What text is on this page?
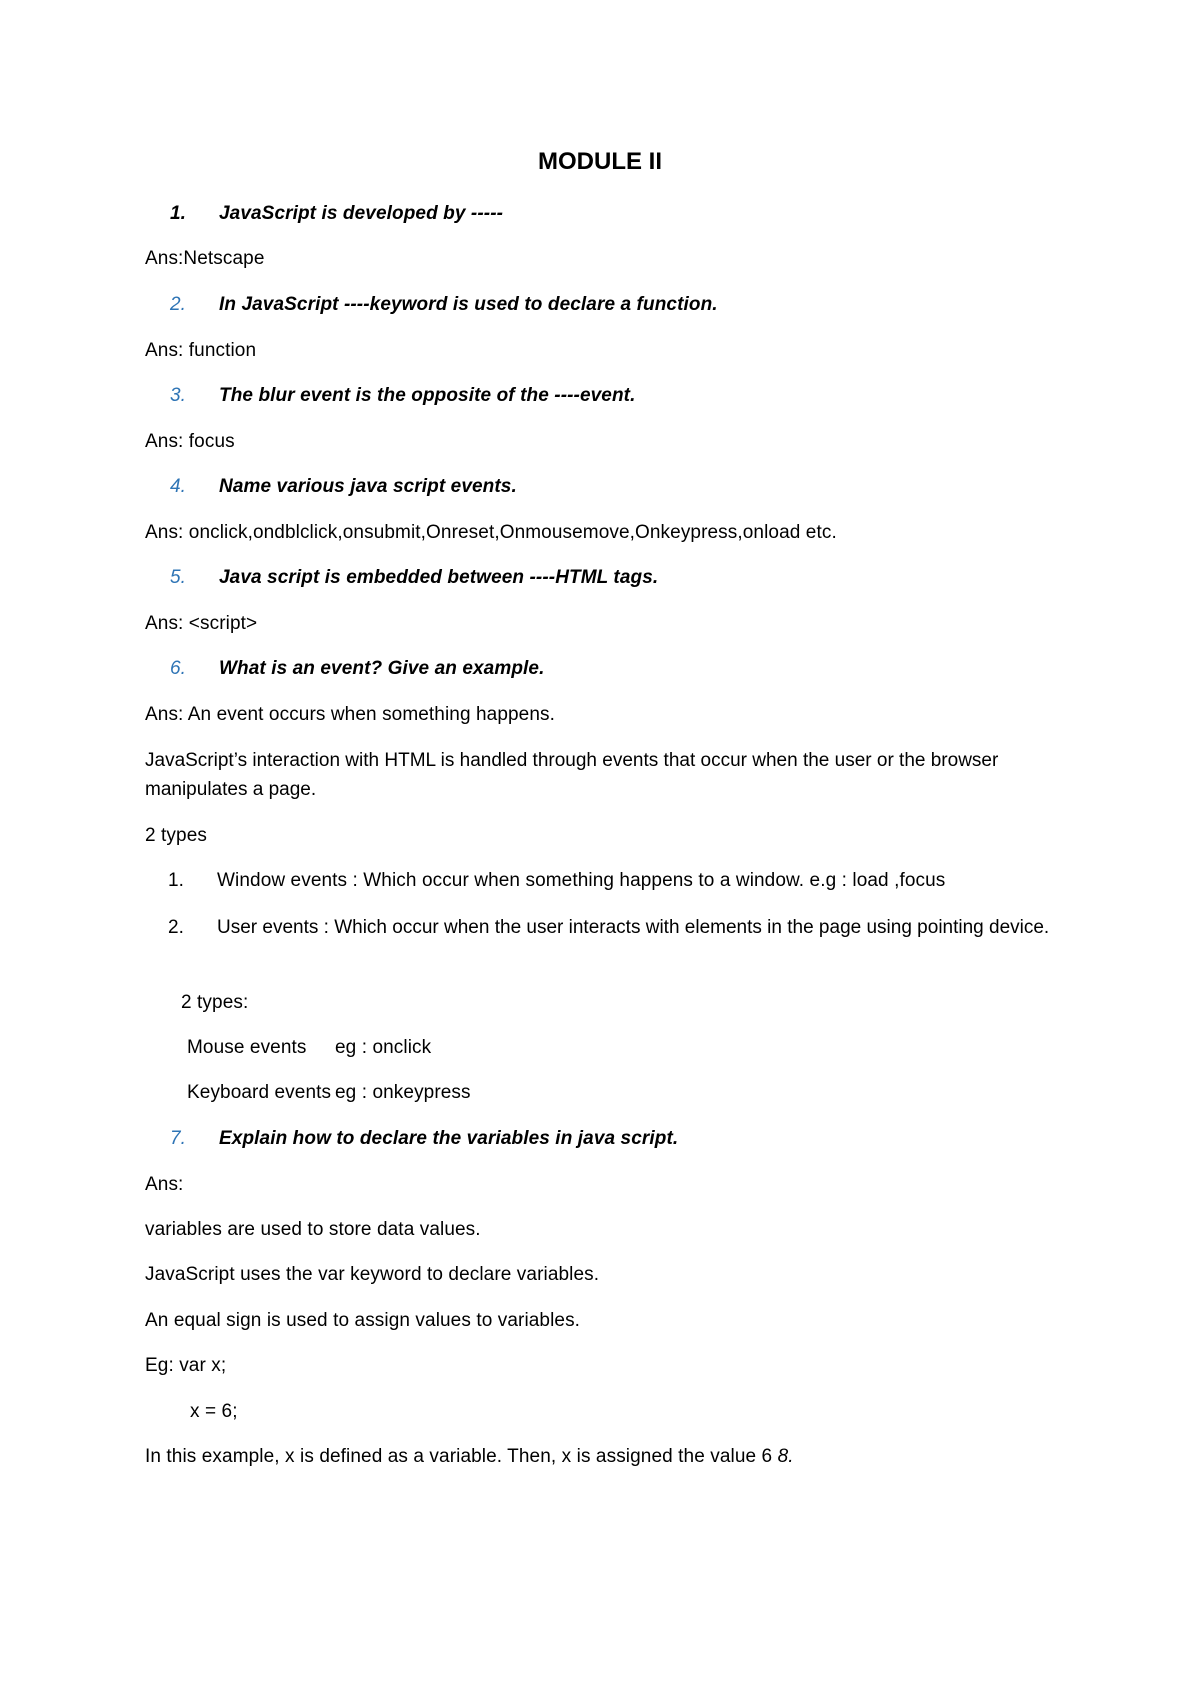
MODULE II
1. JavaScript is developed by -----
Ans:Netscape
2. In JavaScript ----keyword is used to declare a function.
Ans: function
3. The blur event is the opposite of the ----event.
Ans: focus
4. Name various java script events.
Ans: onclick,ondblclick,onsubmit,Onreset,Onmousemove,Onkeypress,onload etc.
5. Java script is embedded between ----HTML tags.
Ans: <script>
6. What is an event? Give an example.
Ans: An event occurs when something happens.
JavaScript’s interaction with HTML is handled through events that occur when the user or the browser manipulates a page.
2 types
1. Window events : Which occur when something happens to a window. e.g : load ,focus
2. User events : Which occur when the user interacts with elements in the page using pointing device.
2 types:
Mouse events eg : onclick
Keyboard events eg : onkeypress
7. Explain how to declare the variables in java script.
Ans:
variables are used to store data values.
JavaScript uses the var keyword to declare variables.
An equal sign is used to assign values to variables.
Eg: var x;
x = 6;
In this example, x is defined as a variable. Then, x is assigned the value 6 8.
